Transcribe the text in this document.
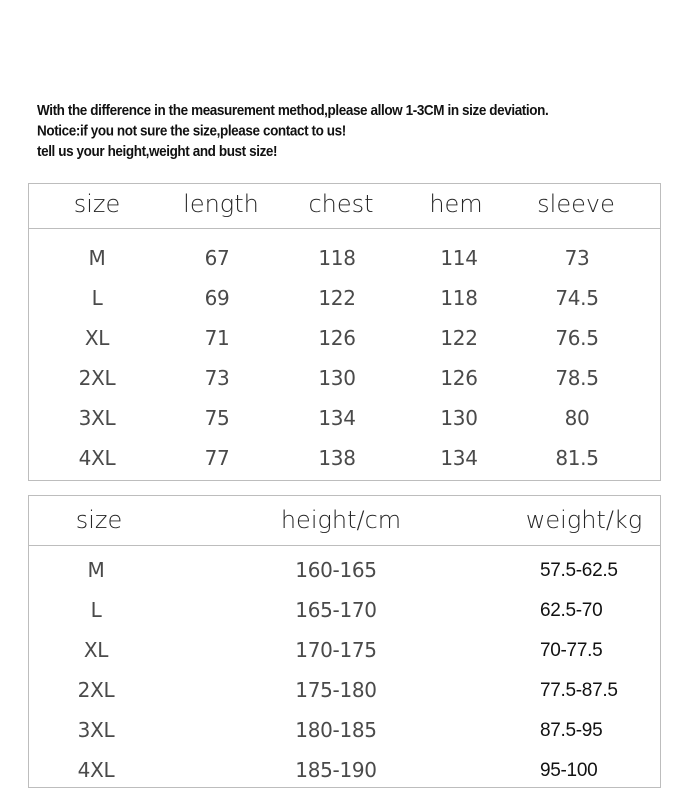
With the difference in the measurement method,please allow 1-3CM in size deviation.
Notice:if you not sure the size,please contact to us!
tell us your height,weight and bust size!
size	length chest hem sleeve
M	67	118	114	73
L	69	122	118	74.5
XL	71	126	122	76.5
2XL	73	130	126	78.5
3XL	75	134	130	80
4XL	77	138	134	81.5
size	height/cm	weight/kg
M	160-165	57.5-62.5
L	165-170	62.5-70
XL	170-175	70-77.5
2XL	175-180	77.5-87.5
3XL	180-185	87.5-95
4XL	185-190	95-100
